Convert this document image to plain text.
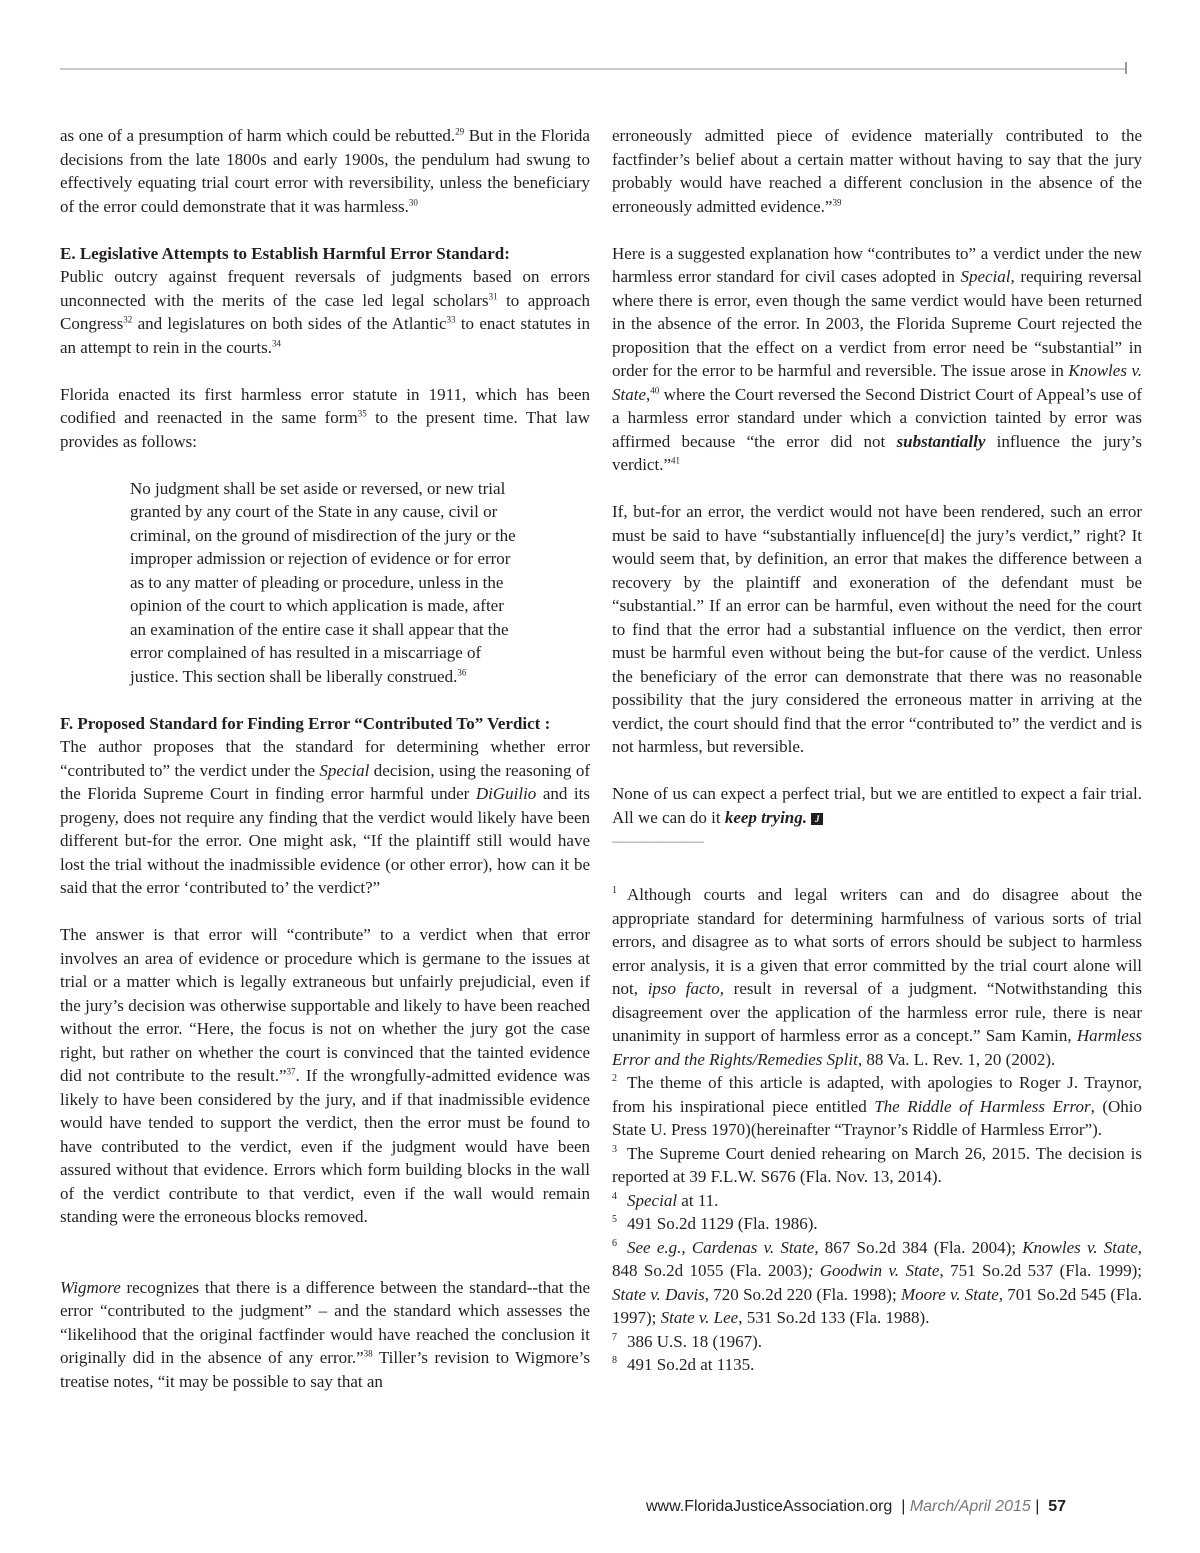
as one of a presumption of harm which could be rebutted.$^{29}$ But in the Florida decisions from the late 1800s and early 1900s, the pendulum had swung to effectively equating trial court error with reversibility, unless the beneficiary of the error could demonstrate that it was harmless.$^{30}$

E. Legislative Attempts to Establish Harmful Error Standard:

Public outcry against frequent reversals of judgments based on errors unconnected with the merits of the case led legal scholars$^{31}$ to approach Congress$^{32}$ and legislatures on both sides of the Atlantic$^{33}$ to enact statutes in an attempt to rein in the courts.$^{34}$

Florida enacted its first harmless error statute in 1911, which has been codified and reenacted in the same form$^{35}$ to the present time. That law provides as follows:

No judgment shall be set aside or reversed, or new trial granted by any court of the State in any cause, civil or criminal, on the ground of misdirection of the jury or the improper admission or rejection of evidence or for error as to any matter of pleading or procedure, unless in the opinion of the court to which application is made, after an examination of the entire case it shall appear that the error complained of has resulted in a miscarriage of justice. This section shall be liberally construed.$^{36}$

F. Proposed Standard for Finding Error “Contributed To” Verdict :

The author proposes that the standard for determining whether error “contributed to” the verdict under the Special decision, using the reasoning of the Florida Supreme Court in finding error harmful under DiGuilio and its progeny, does not require any finding that the verdict would likely have been different but-for the error. One might ask, “If the plaintiff still would have lost the trial without the inadmissible evidence (or other error), how can it be said that the error ‘contributed to’ the verdict?”

The answer is that error will “contribute” to a verdict when that error involves an area of evidence or procedure which is germane to the issues at trial or a matter which is legally extraneous but unfairly prejudicial, even if the jury’s decision was otherwise supportable and likely to have been reached without the error. “Here, the focus is not on whether the jury got the case right, but rather on whether the court is convinced that the tainted evidence did not contribute to the result.”$^{37}$. If the wrongfully-admitted evidence was likely to have been considered by the jury, and if that inadmissible evidence would have tended to support the verdict, then the error must be found to have contributed to the verdict, even if the judgment would have been assured without that evidence. Errors which form building blocks in the wall of the verdict contribute to that verdict, even if the wall would remain standing were the erroneous blocks removed.

Wigmore recognizes that there is a difference between the standard--that the error “contributed to the judgment” – and the standard which assesses the “likelihood that the original factfinder would have reached the conclusion it originally did in the absence of any error.”$^{38}$ Tiller’s revision to Wigmore’s treatise notes, “it may be possible to say that an

erroneously admitted piece of evidence materially contributed to the factfinder’s belief about a certain matter without having to say that the jury probably would have reached a different conclusion in the absence of the erroneously admitted evidence.”$^{39}$

Here is a suggested explanation how “contributes to” a verdict under the new harmless error standard for civil cases adopted in Special, requiring reversal where there is error, even though the same verdict would have been returned in the absence of the error. In 2003, the Florida Supreme Court rejected the proposition that the effect on a verdict from error need be “substantial” in order for the error to be harmful and reversible. The issue arose in Knowles v. State,$^{40}$ where the Court reversed the Second District Court of Appeal’s use of a harmless error standard under which a conviction tainted by error was affirmed because “the error did not substantially influence the jury’s verdict.”$^{41}$

If, but-for an error, the verdict would not have been rendered, such an error must be said to have “substantially influence[d] the jury’s verdict,” right? It would seem that, by definition, an error that makes the difference between a recovery by the plaintiff and exoneration of the defendant must be “substantial.” If an error can be harmful, even without the need for the court to find that the error had a substantial influence on the verdict, then error must be harmful even without being the but-for cause of the verdict. Unless the beneficiary of the error can demonstrate that there was no reasonable possibility that the jury considered the erroneous matter in arriving at the verdict, the court should find that the error “contributed to” the verdict and is not harmless, but reversible.

None of us can expect a perfect trial, but we are entitled to expect a fair trial. All we can do it keep trying. J

________________

$^1$ Although courts and legal writers can and do disagree about the appropriate standard for determining harmfulness of various sorts of trial errors, and disagree as to what sorts of errors should be subject to harmless error analysis, it is a given that error committed by the trial court alone will not, ipso facto, result in reversal of a judgment. “Notwithstanding this disagreement over the application of the harmless error rule, there is near unanimity in support of harmless error as a concept.” Sam Kamin, Harmless Error and the Rights/Remedies Split, 88 Va. L. Rev. 1, 20 (2002).

$^2$ The theme of this article is adapted, with apologies to Roger J. Traynor, from his inspirational piece entitled The Riddle of Harmless Error, (Ohio State U. Press 1970)(hereinafter “Traynor’s Riddle of Harmless Error”).

$^3$ The Supreme Court denied rehearing on March 26, 2015. The decision is reported at 39 F.L.W. S676 (Fla. Nov. 13, 2014).

$^4$ Special at 11.

$^5$ 491 So.2d 1129 (Fla. 1986).

$^6$ See e.g., Cardenas v. State, 867 So.2d 384 (Fla. 2004); Knowles v. State, 848 So.2d 1055 (Fla. 2003); Goodwin v. State, 751 So.2d 537 (Fla. 1999); State v. Davis, 720 So.2d 220 (Fla. 1998); Moore v. State, 701 So.2d 545 (Fla. 1997); State v. Lee, 531 So.2d 133 (Fla. 1988).

$^7$ 386 U.S. 18 (1967).

$^8$ 491 So.2d at 1135.

www.FloridaJusticeAssociation.org | March/April 2015 | 57
